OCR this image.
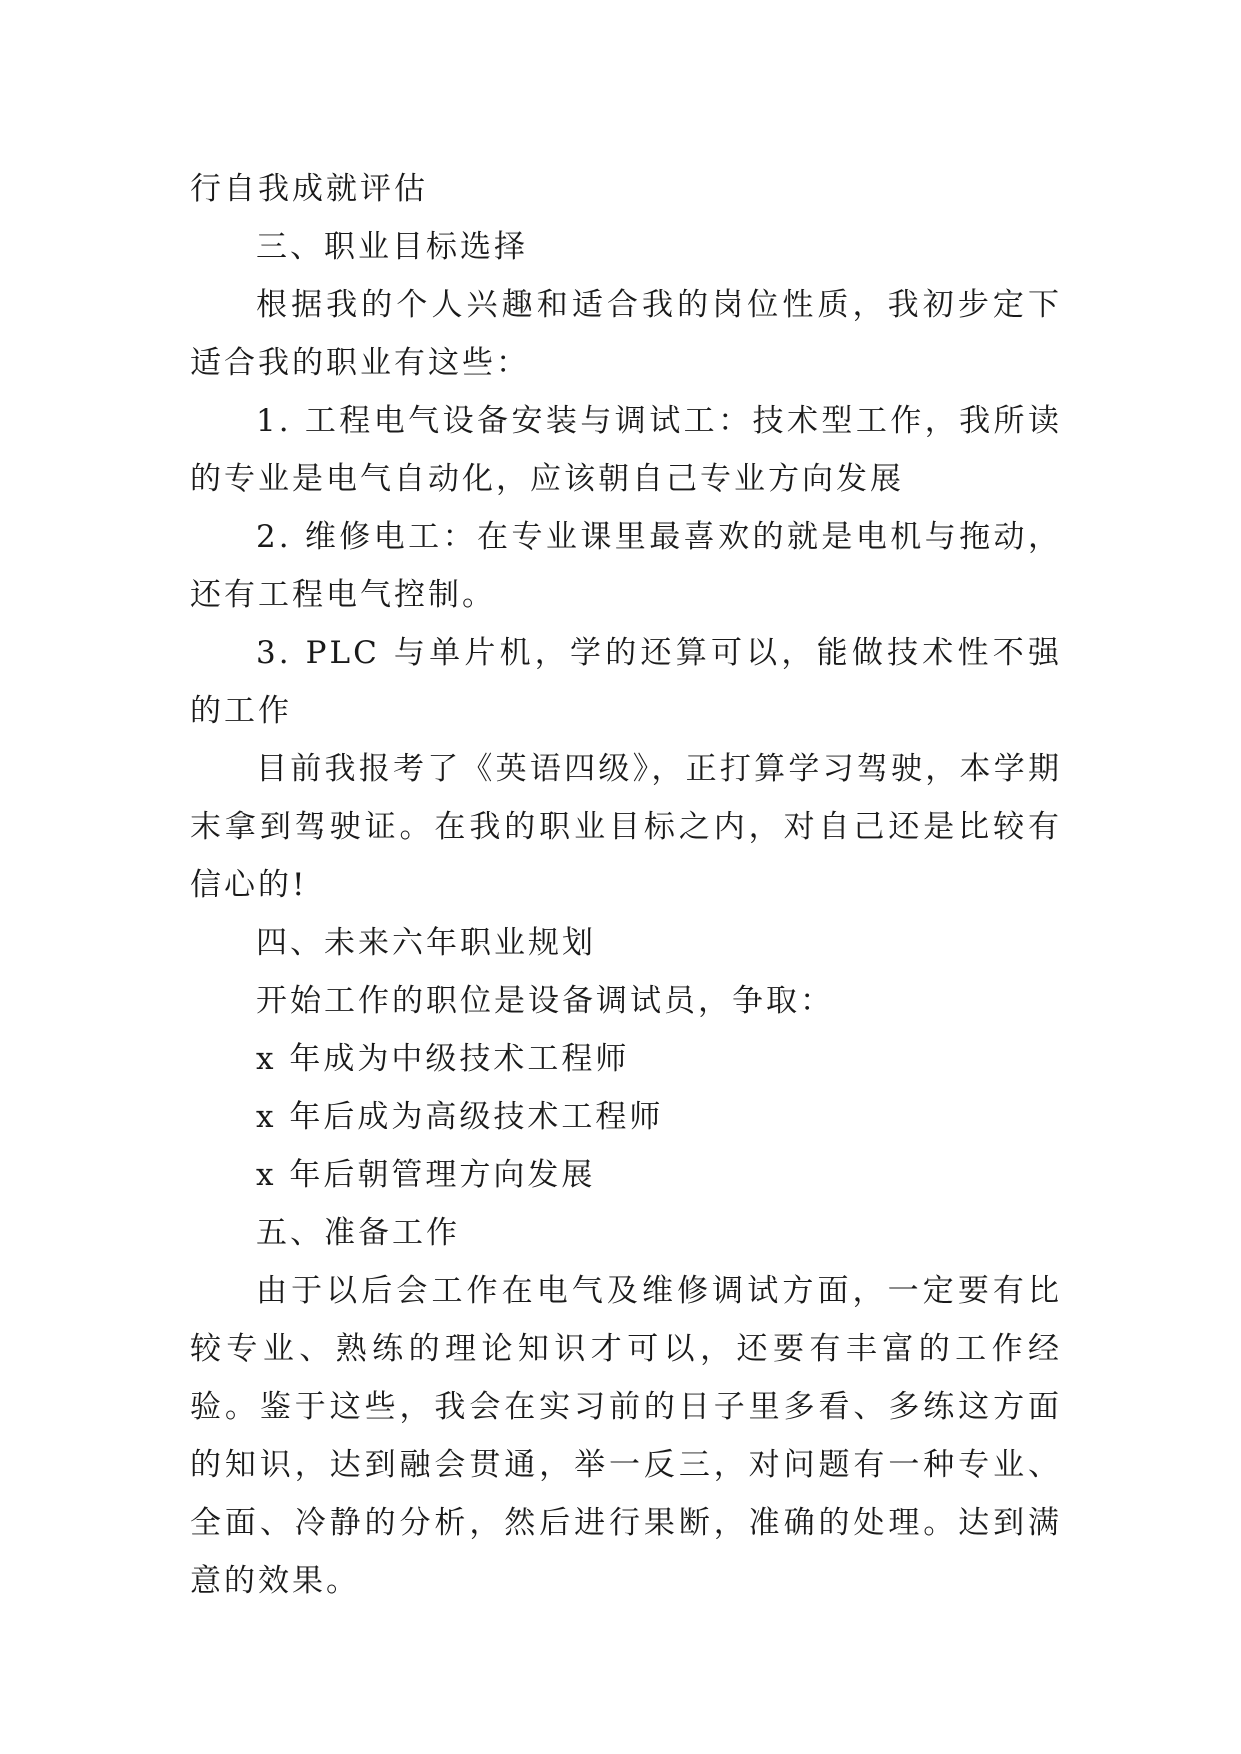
行自我成就评估

三、职业目标选择

根据我的个人兴趣和适合我的岗位性质，我初步定下适合我的职业有这些：

1. 工程电气设备安装与调试工：技术型工作，我所读的专业是电气自动化，应该朝自己专业方向发展

2. 维修电工：在专业课里最喜欢的就是电机与拖动，还有工程电气控制。

3. PLC 与单片机，学的还算可以，能做技术性不强的工作

目前我报考了《英语四级》，正打算学习驾驶，本学期末拿到驾驶证。在我的职业目标之内，对自己还是比较有信心的!

四、未来六年职业规划

开始工作的职位是设备调试员，争取：

x 年成为中级技术工程师

x 年后成为高级技术工程师

x 年后朝管理方向发展

五、准备工作

由于以后会工作在电气及维修调试方面，一定要有比较专业、熟练的理论知识才可以，还要有丰富的工作经验。鉴于这些，我会在实习前的日子里多看、多练这方面的知识，达到融会贯通，举一反三，对问题有一种专业、全面、冷静的分析，然后进行果断，准确的处理。达到满意的效果。
